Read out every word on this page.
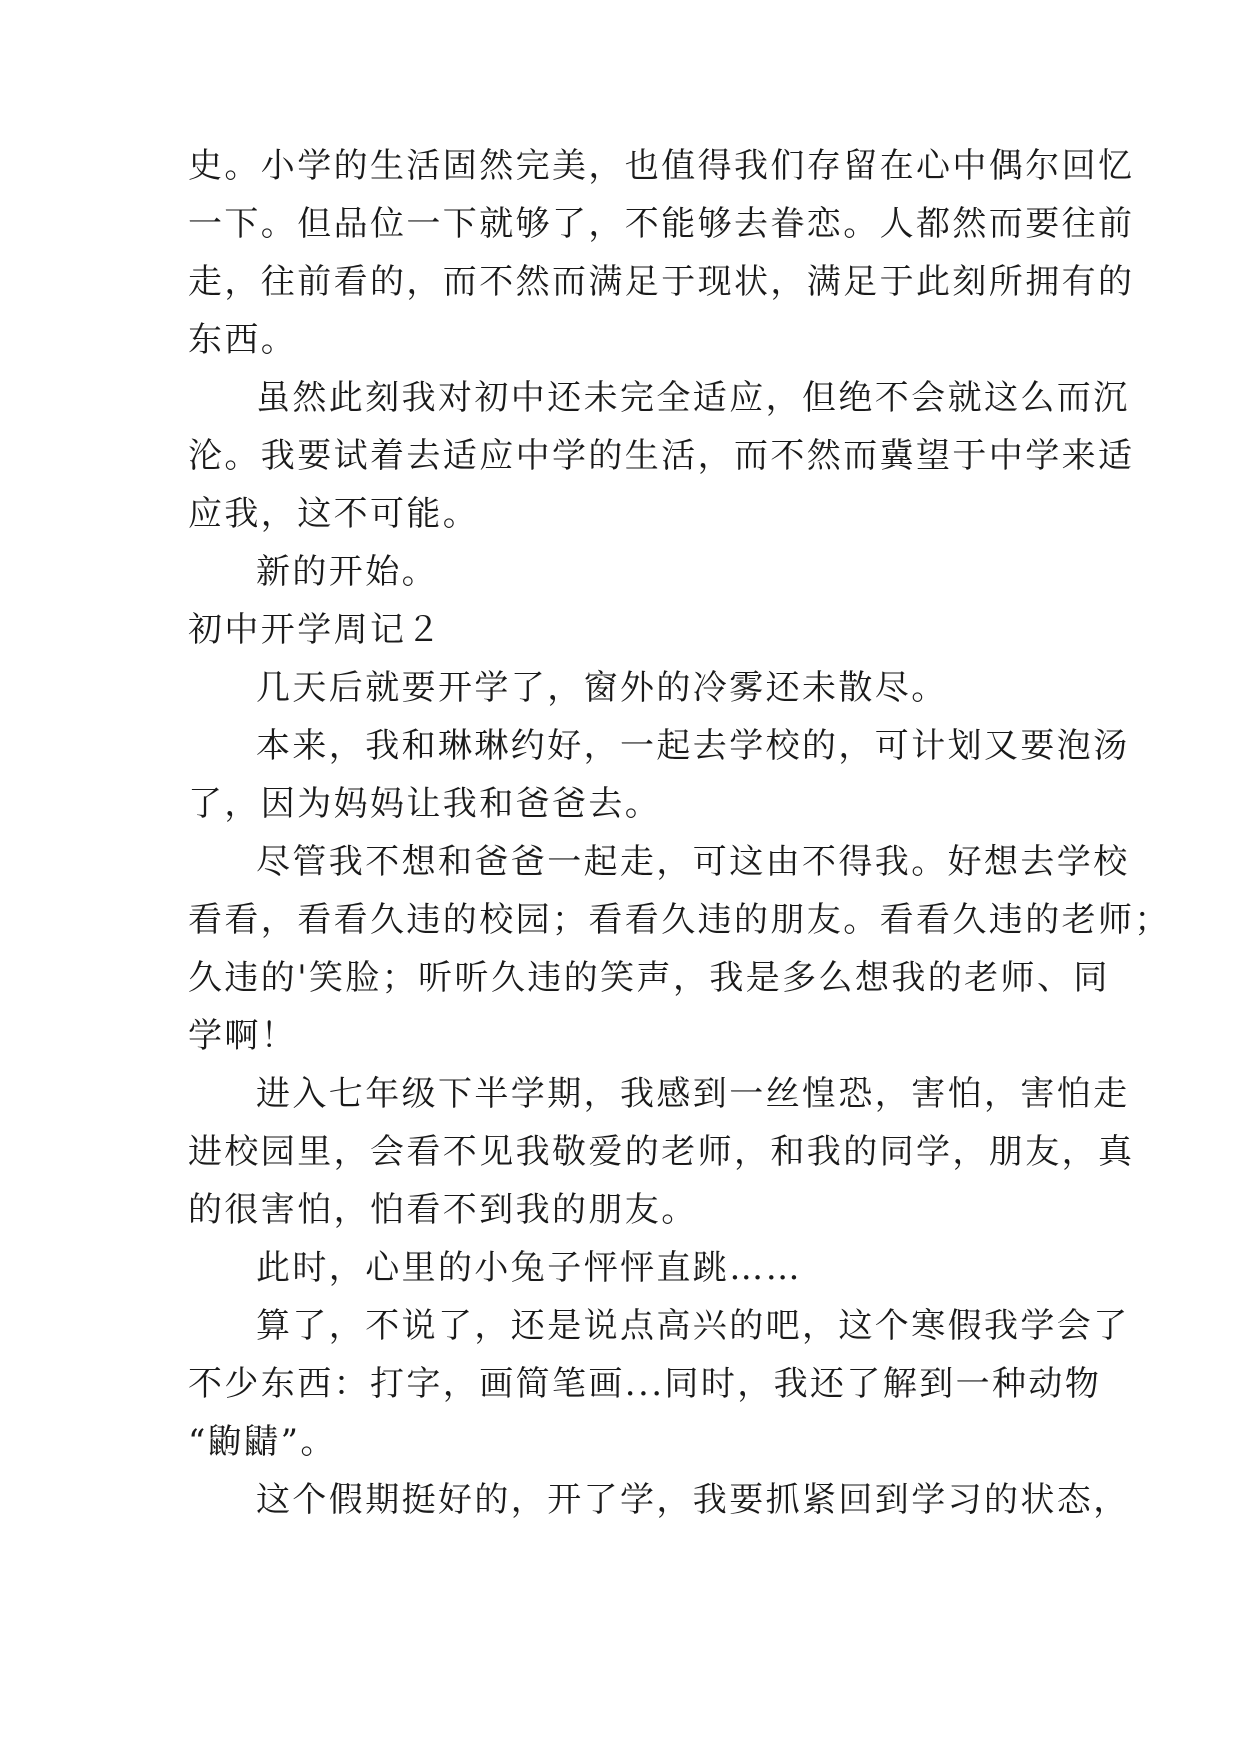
史。小学的生活固然完美，也值得我们存留在心中偶尔回忆
一下。但品位一下就够了，不能够去眷恋。人都然而要往前
走，往前看的，而不然而满足于现状，满足于此刻所拥有的
东西。
虽然此刻我对初中还未完全适应，但绝不会就这么而沉
沦。我要试着去适应中学的生活，而不然而冀望于中学来适
应我，这不可能。
新的开始。
初中开学周记２
几天后就要开学了，窗外的冷雾还未散尽。
本来，我和琳琳约好，一起去学校的，可计划又要泡汤
了，因为妈妈让我和爸爸去。
尽管我不想和爸爸一起走，可这由不得我。好想去学校
看看，看看久违的校园；看看久违的朋友。看看久违的老师；
久违的'笑脸；听听久违的笑声，我是多么想我的老师、同
学啊！
进入七年级下半学期，我感到一丝惶恐，害怕，害怕走
进校园里，会看不见我敬爱的老师，和我的同学，朋友，真
的很害怕，怕看不到我的朋友。
此时，心里的小兔子怦怦直跳……
算了，不说了，还是说点高兴的吧，这个寒假我学会了
不少东西：打字，画简笔画...同时，我还了解到一种动物
“鼩鼱”。
这个假期挺好的，开了学，我要抓紧回到学习的状态，
